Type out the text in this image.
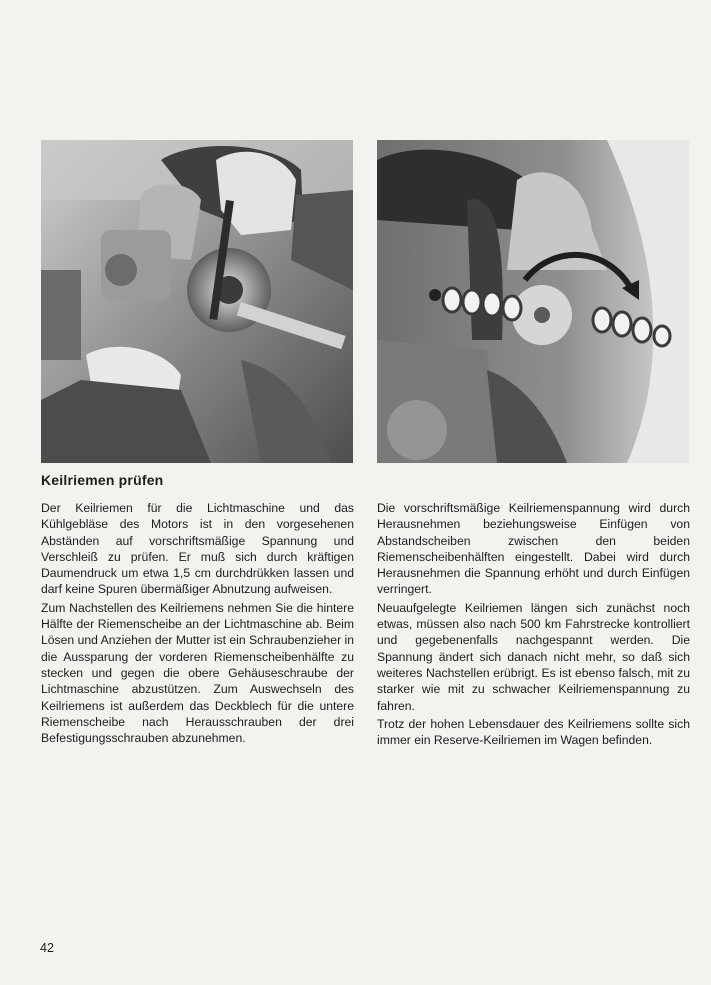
Keilriemen prüfen

Der Keilriemen für die Lichtmaschine und das Kühlgebläse des Motors ist in den vorgesehenen Abständen auf vorschriftsmäßige Spannung und Verschleiß zu prüfen. Er muß sich durch kräftigen Daumendruck um etwa 1,5 cm durchdrükken lassen und darf keine Spuren übermäßiger Abnutzung aufweisen.

Zum Nachstellen des Keilriemens nehmen Sie die hintere Hälfte der Riemenscheibe an der Lichtmaschine ab. Beim Lösen und Anziehen der Mutter ist ein Schraubenzieher in die Aussparung der vorderen Riemenscheibenhälfte zu stecken und gegen die obere Gehäuseschraube der Lichtmaschine abzustützen. Zum Auswechseln des Keilriemens ist außerdem das Deckblech für die untere Riemenscheibe nach Herausschrauben der drei Befestigungsschrauben abzunehmen.

Die vorschriftsmäßige Keilriemenspannung wird durch Herausnehmen beziehungsweise Einfügen von Abstandscheiben zwischen den beiden Riemenscheibenhälften eingestellt. Dabei wird durch Herausnehmen die Spannung erhöht und durch Einfügen verringert.

Neuaufgelegte Keilriemen längen sich zunächst noch etwas, müssen also nach 500 km Fahrstrecke kontrolliert und gegebenenfalls nachgespannt werden. Die Spannung ändert sich danach nicht mehr, so daß sich weiteres Nachstellen erübrigt. Es ist ebenso falsch, mit zu starker wie mit zu schwacher Keilriemenspannung zu fahren.

Trotz der hohen Lebensdauer des Keilriemens sollte sich immer ein Reserve-Keilriemen im Wagen befinden.

42
